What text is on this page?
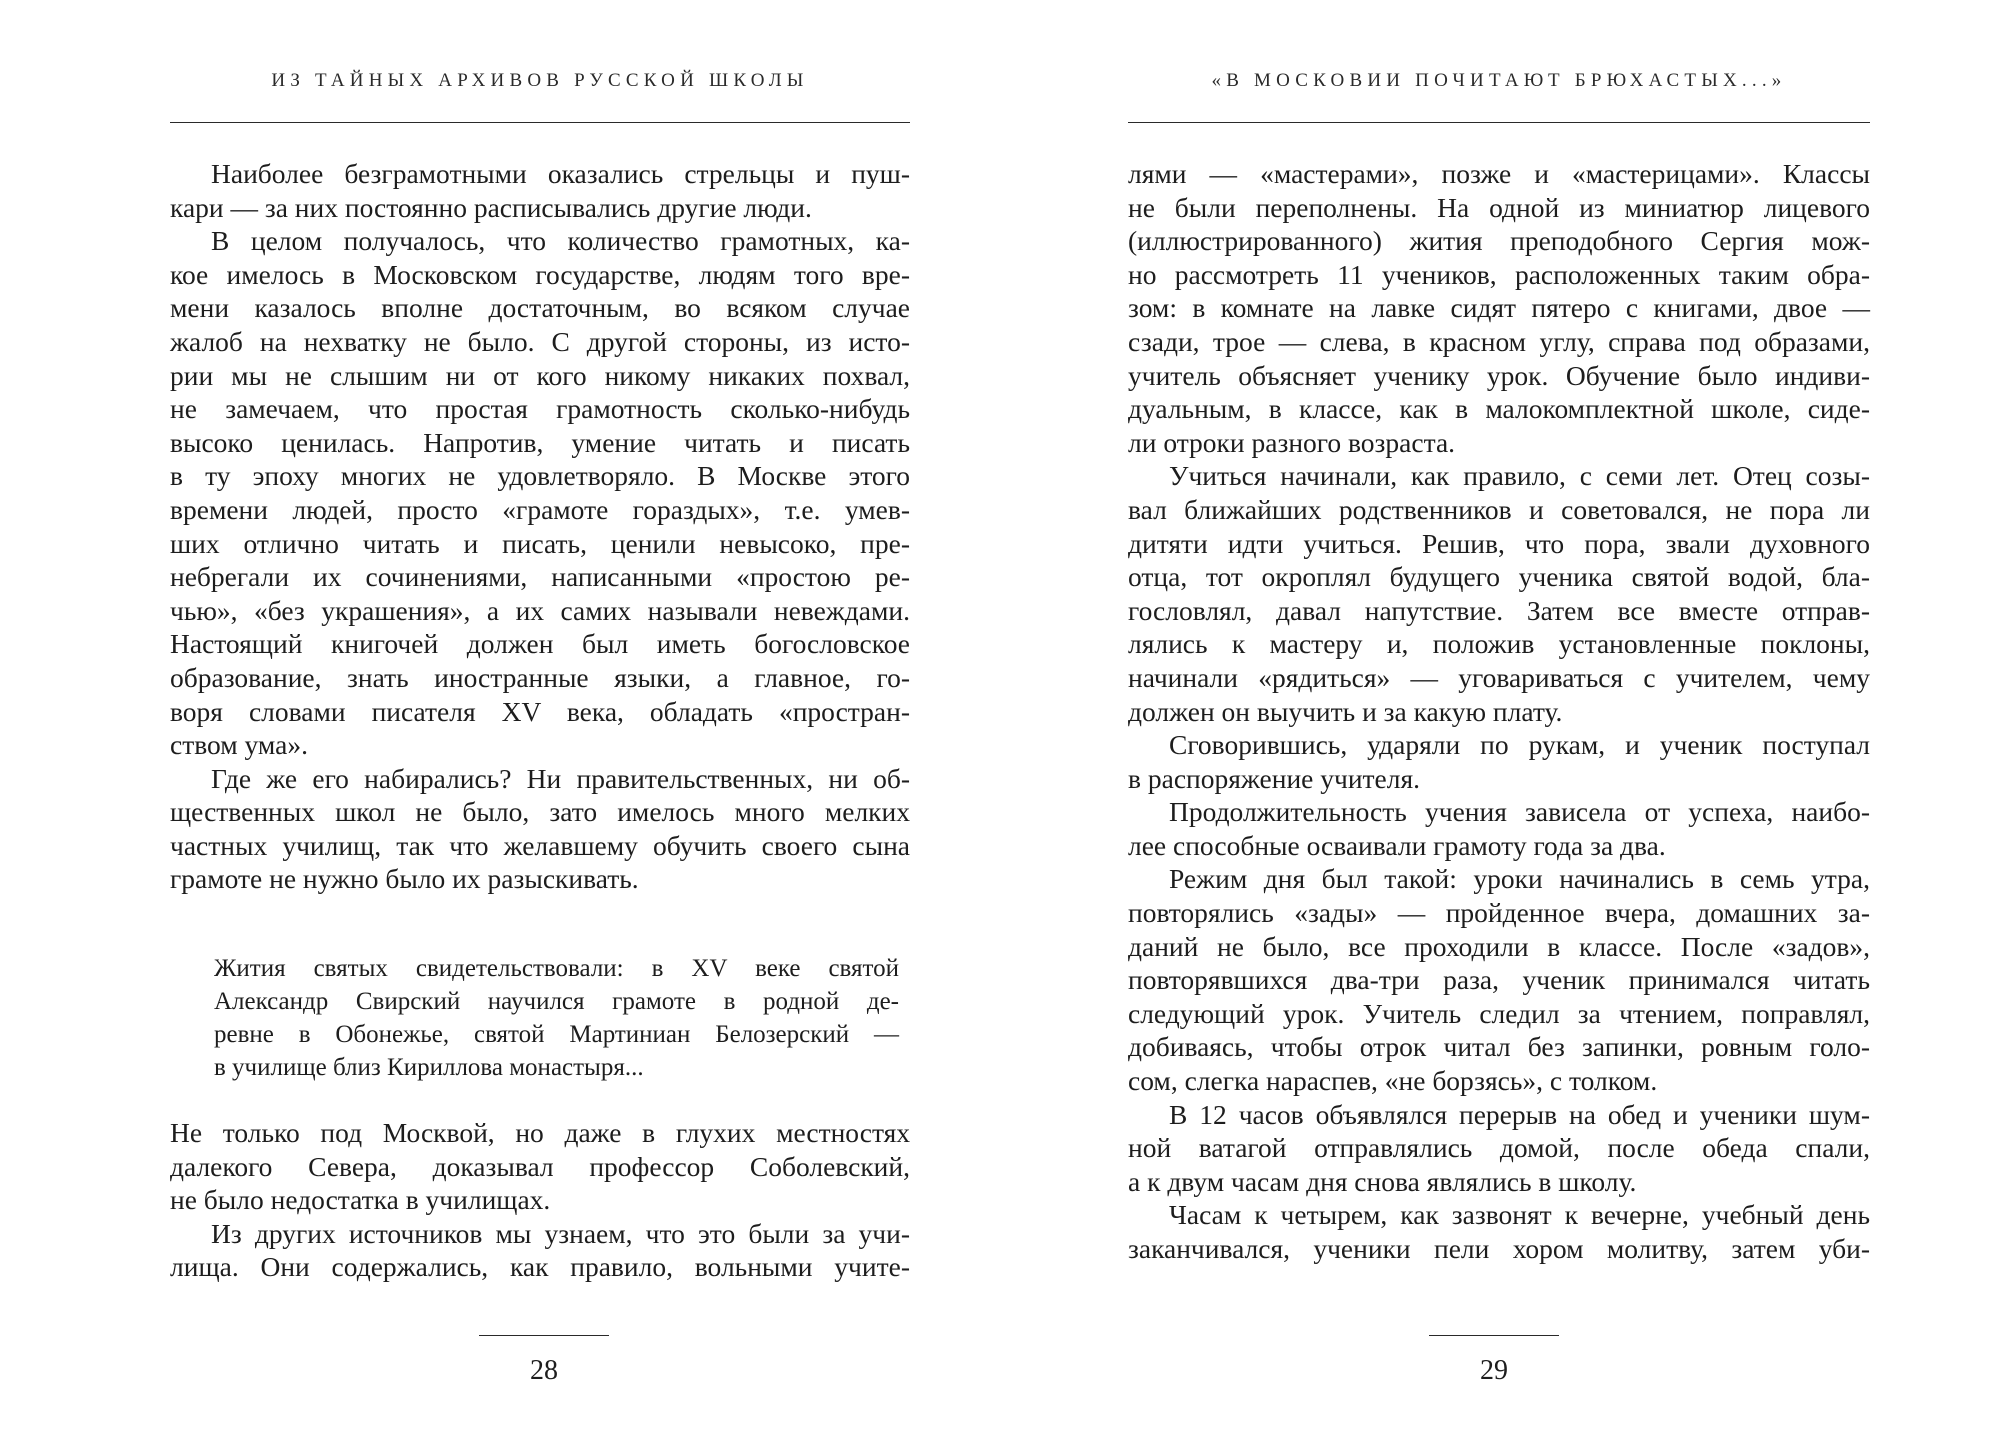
ИЗ ТАЙНЫХ АРХИВОВ РУССКОЙ ШКОЛЫ
Наиболее безграмотными оказались стрельцы и пуш-
кари — за них постоянно расписывались другие люди.
В целом получалось, что количество грамотных, ка-
кое имелось в Московском государстве, людям того вре-
мени казалось вполне достаточным, во всяком случае
жалоб на нехватку не было. С другой стороны, из исто-
рии мы не слышим ни от кого никому никаких похвал,
не замечаем, что простая грамотность сколько-нибудь
высоко ценилась. Напротив, умение читать и писать
в ту эпоху многих не удовлетворяло. В Москве этого
времени людей, просто «грамоте гораздых», т.е. умев-
ших отлично читать и писать, ценили невысоко, пре-
небрегали их сочинениями, написанными «простою ре-
чью», «без украшения», а их самих называли невеждами.
Настоящий книгочей должен был иметь богословское
образование, знать иностранные языки, а главное, го-
воря словами писателя XV века, обладать «простран-
ством ума».
Где же его набирались? Ни правительственных, ни об-
щественных школ не было, зато имелось много мелких
частных училищ, так что желавшему обучить своего сына
грамоте не нужно было их разыскивать.
Жития святых свидетельствовали: в XV веке святой
Александр Свирский научился грамоте в родной де-
ревне в Обонежье, святой Мартиниан Белозерский —
в училище близ Кириллова монастыря...
Не только под Москвой, но даже в глухих местностях
далекого Севера, доказывал профессор Соболевский,
не было недостатка в училищах.
Из других источников мы узнаем, что это были за учи-
лища. Они содержались, как правило, вольными учите-
28
«В МОСКОВИИ ПОЧИТАЮТ БРЮХАСТЫХ...»
лями — «мастерами», позже и «мастерицами». Классы
не были переполнены. На одной из миниатюр лицевого
(иллюстрированного) жития преподобного Сергия мож-
но рассмотреть 11 учеников, расположенных таким обра-
зом: в комнате на лавке сидят пятеро с книгами, двое —
сзади, трое — слева, в красном углу, справа под образами,
учитель объясняет ученику урок. Обучение было индиви-
дуальным, в классе, как в малокомплектной школе, сиде-
ли отроки разного возраста.
Учиться начинали, как правило, с семи лет. Отец созы-
вал ближайших родственников и советовался, не пора ли
дитяти идти учиться. Решив, что пора, звали духовного
отца, тот окроплял будущего ученика святой водой, бла-
гословлял, давал напутствие. Затем все вместе отправ-
лялись к мастеру и, положив установленные поклоны,
начинали «рядиться» — уговариваться с учителем, чему
должен он выучить и за какую плату.
Сговорившись, ударяли по рукам, и ученик поступал
в распоряжение учителя.
Продолжительность учения зависела от успеха, наибо-
лее способные осваивали грамоту года за два.
Режим дня был такой: уроки начинались в семь утра,
повторялись «зады» — пройденное вчера, домашних за-
даний не было, все проходили в классе. После «задов»,
повторявшихся два-три раза, ученик принимался читать
следующий урок. Учитель следил за чтением, поправлял,
добиваясь, чтобы отрок читал без запинки, ровным голо-
сом, слегка нараспев, «не борзясь», с толком.
В 12 часов объявлялся перерыв на обед и ученики шум-
ной ватагой отправлялись домой, после обеда спали,
а к двум часам дня снова являлись в школу.
Часам к четырем, как зазвонят к вечерне, учебный день
заканчивался, ученики пели хором молитву, затем уби-
29
